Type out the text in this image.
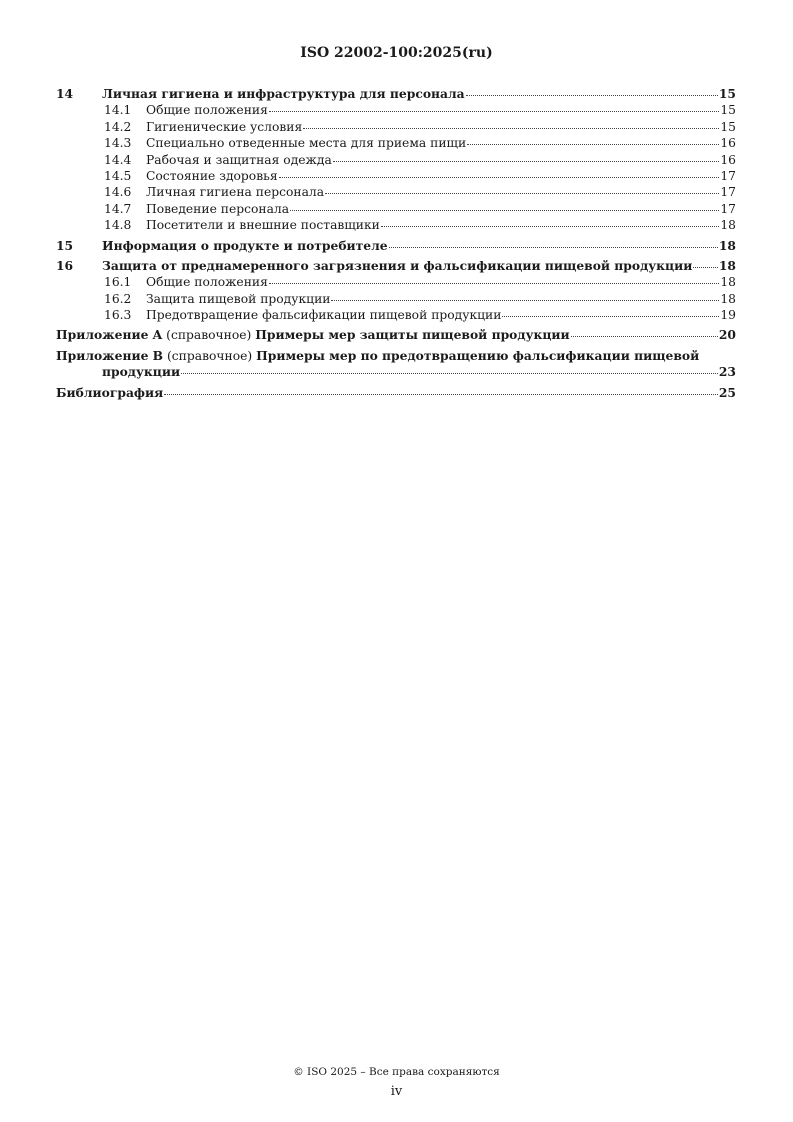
ISO 22002-100:2025(ru)
14	Личная гигиена и инфраструктура для персонала	15
14.1	Общие положения	15
14.2	Гигиенические условия	15
14.3	Специально отведенные места для приема пищи	16
14.4	Рабочая и защитная одежда	16
14.5	Состояние здоровья	17
14.6	Личная гигиена персонала	17
14.7	Поведение персонала	17
14.8	Посетители и внешние поставщики	18
15	Информация о продукте и потребителе	18
16	Защита от преднамеренного загрязнения и фальсификации пищевой продукции 18
16.1	Общие положения	18
16.2	Защита пищевой продукции	18
16.3	Предотвращение фальсификации пищевой продукции	19
Приложение A (справочное) Примеры мер защиты пищевой продукции	20
Приложение B (справочное) Примеры мер по предотвращению фальсификации пищевой
продукции	23
Библиография	25
© ISO 2025 – Все права сохраняются
iv
